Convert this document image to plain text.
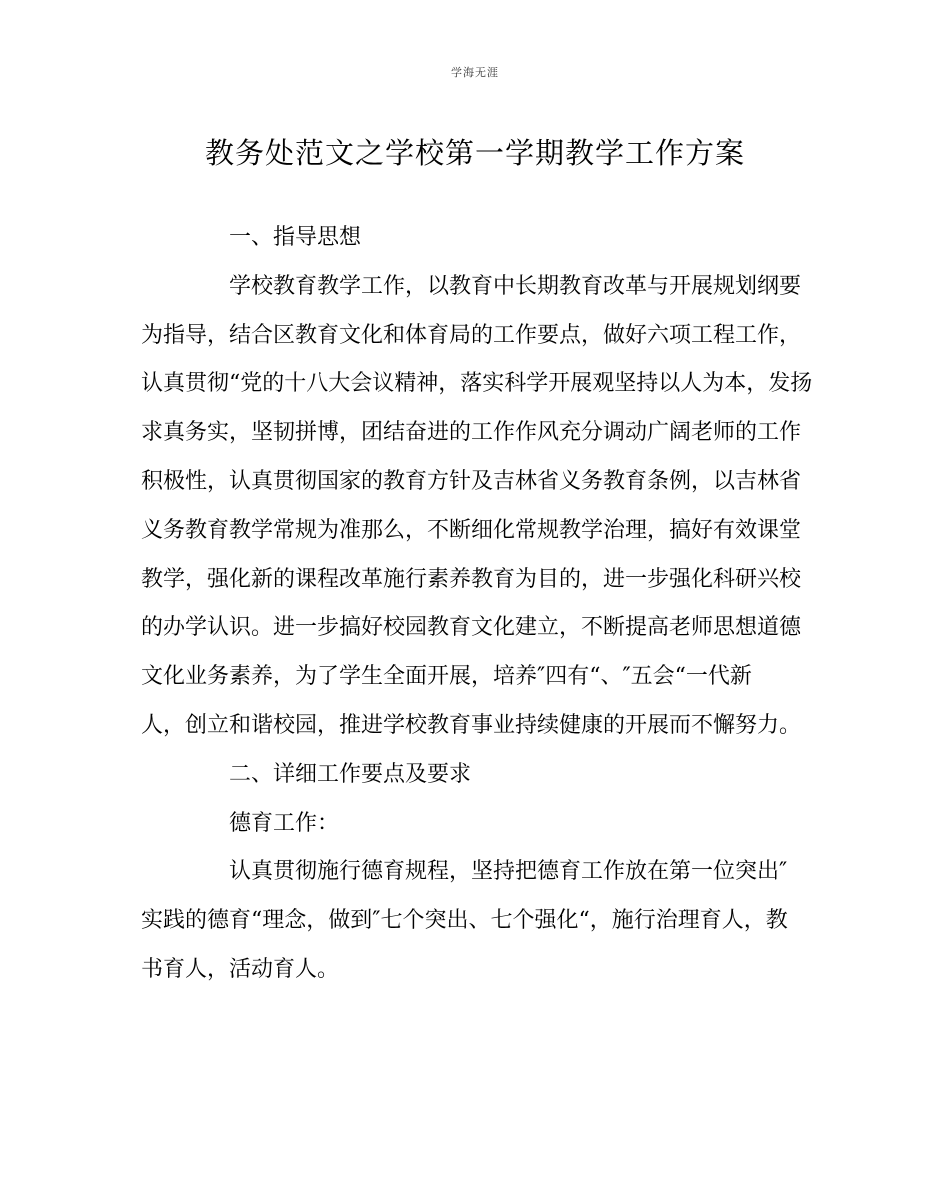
学海无涯
教务处范文之学校第一学期教学工作方案
一、指导思想
学校教育教学工作，以教育中长期教育改革与开展规划纲要
为指导，结合区教育文化和体育局的工作要点，做好六项工程工作，
认真贯彻“党的十八大会议精神，落实科学开展观坚持以人为本，发扬
求真务实，坚韧拼博，团结奋进的工作作风充分调动广阔老师的工作
积极性，认真贯彻国家的教育方针及吉林省义务教育条例，以吉林省
义务教育教学常规为准那么，不断细化常规教学治理，搞好有效课堂
教学，强化新的课程改革施行素养教育为目的，进一步强化科研兴校
的办学认识。进一步搞好校园教育文化建立，不断提高老师思想道德
文化业务素养，为了学生全面开展，培养″四有“、″五会“一代新
人，创立和谐校园，推进学校教育事业持续健康的开展而不懈努力。
二、详细工作要点及要求
德育工作：
认真贯彻施行德育规程，坚持把德育工作放在第一位突出″
实践的德育“理念，做到″七个突出、七个强化“，施行治理育人，教
书育人，活动育人。
